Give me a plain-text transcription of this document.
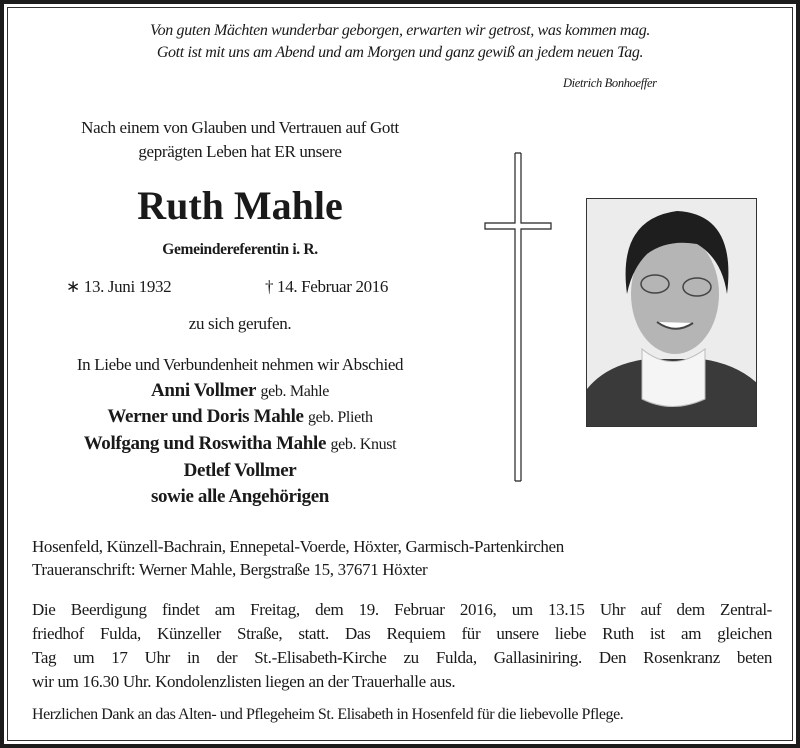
Von guten Mächten wunderbar geborgen, erwarten wir getrost, was kommen mag.
Gott ist mit uns am Abend und am Morgen und ganz gewiß an jedem neuen Tag.
Dietrich Bonhoeffer
Nach einem von Glauben und Vertrauen auf Gott
geprägten Leben hat ER unsere
Ruth Mahle
Gemeindereferentin i. R.
∗ 13. Juni 1932	† 14. Februar 2016
zu sich gerufen.
In Liebe und Verbundenheit nehmen wir Abschied
Anni Vollmer geb. Mahle
Werner und Doris Mahle geb. Plieth
Wolfgang und Roswitha Mahle geb. Knust
Detlef Vollmer
sowie alle Angehörigen
Hosenfeld, Künzell-Bachrain, Ennepetal-Voerde, Höxter, Garmisch-Partenkirchen
Traueranschrift: Werner Mahle, Bergstraße 15, 37671 Höxter
Die Beerdigung findet am Freitag, dem 19. Februar 2016, um 13.15 Uhr auf dem Zentral-
friedhof Fulda, Künzeller Straße, statt. Das Requiem für unsere liebe Ruth ist am gleichen
Tag um 17 Uhr in der St.-Elisabeth-Kirche zu Fulda, Gallasiniring. Den Rosenkranz beten
wir um 16.30 Uhr. Kondolenzlisten liegen an der Trauerhalle aus.
Herzlichen Dank an das Alten- und Pflegeheim St. Elisabeth in Hosenfeld für die liebevolle Pflege.
